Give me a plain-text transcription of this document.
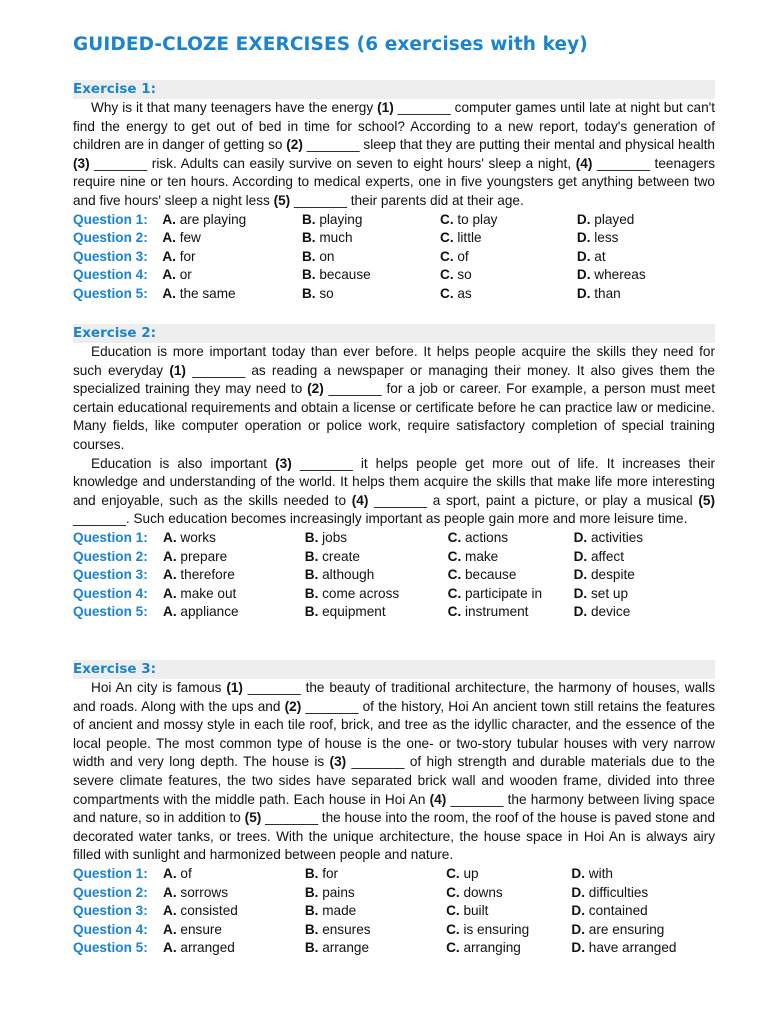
GUIDED-CLOZE EXERCISES (6 exercises with key)
Exercise 1:

Why is it that many teenagers have the energy (1) _______ computer games until late at night but can't find the energy to get out of bed in time for school? According to a new report, today's generation of children are in danger of getting so (2) _______ sleep that they are putting their mental and physical health (3) _______ risk. Adults can easily survive on seven to eight hours' sleep a night, (4) _______ teenagers require nine or ten hours. According to medical experts, one in five youngsters get anything between two and five hours' sleep a night less (5) _______ their parents did at their age.

Question 1:	A. are playing	B. playing	C. to play	D. played
Question 2:	A. few	B. much	C. little	D. less
Question 3:	A. for	B. on	C. of	D. at
Question 4:	A. or	B. because	C. so	D. whereas
Question 5:	A. the same	B. so	C. as	D. than
Exercise 2:

Education is more important today than ever before. It helps people acquire the skills they need for such everyday (1) _______ as reading a newspaper or managing their money. It also gives them the specialized training they may need to (2) _______ for a job or career. For example, a person must meet certain educational requirements and obtain a license or certificate before he can practice law or medicine. Many fields, like computer operation or police work, require satisfactory completion of special training courses.

Education is also important (3) _______ it helps people get more out of life. It increases their knowledge and understanding of the world. It helps them acquire the skills that make life more interesting and enjoyable, such as the skills needed to (4) _______ a sport, paint a picture, or play a musical (5) _______. Such education becomes increasingly important as people gain more and more leisure time.

Question 1:	A. works	B. jobs	C. actions	D. activities
Question 2:	A. prepare	B. create	C. make	D. affect
Question 3:	A. therefore	B. although	C. because	D. despite
Question 4:	A. make out	B. come across	C. participate in	D. set up
Question 5:	A. appliance	B. equipment	C. instrument	D. device
Exercise 3:

Hoi An city is famous (1) _______ the beauty of traditional architecture, the harmony of houses, walls and roads. Along with the ups and (2) _______ of the history, Hoi An ancient town still retains the features of ancient and mossy style in each tile roof, brick, and tree as the idyllic character, and the essence of the local people. The most common type of house is the one- or two-story tubular houses with very narrow width and very long depth. The house is (3) _______ of high strength and durable materials due to the severe climate features, the two sides have separated brick wall and wooden frame, divided into three compartments with the middle path. Each house in Hoi An (4) _______ the harmony between living space and nature, so in addition to (5) _______ the house into the room, the roof of the house is paved stone and decorated water tanks, or trees. With the unique architecture, the house space in Hoi An is always airy filled with sunlight and harmonized between people and nature.

Question 1:	A. of	B. for	C. up	D. with
Question 2:	A. sorrows	B. pains	C. downs	D. difficulties
Question 3:	A. consisted	B. made	C. built	D. contained
Question 4:	A. ensure	B. ensures	C. is ensuring	D. are ensuring
Question 5:	A. arranged	B. arrange	C. arranging	D. have arranged
